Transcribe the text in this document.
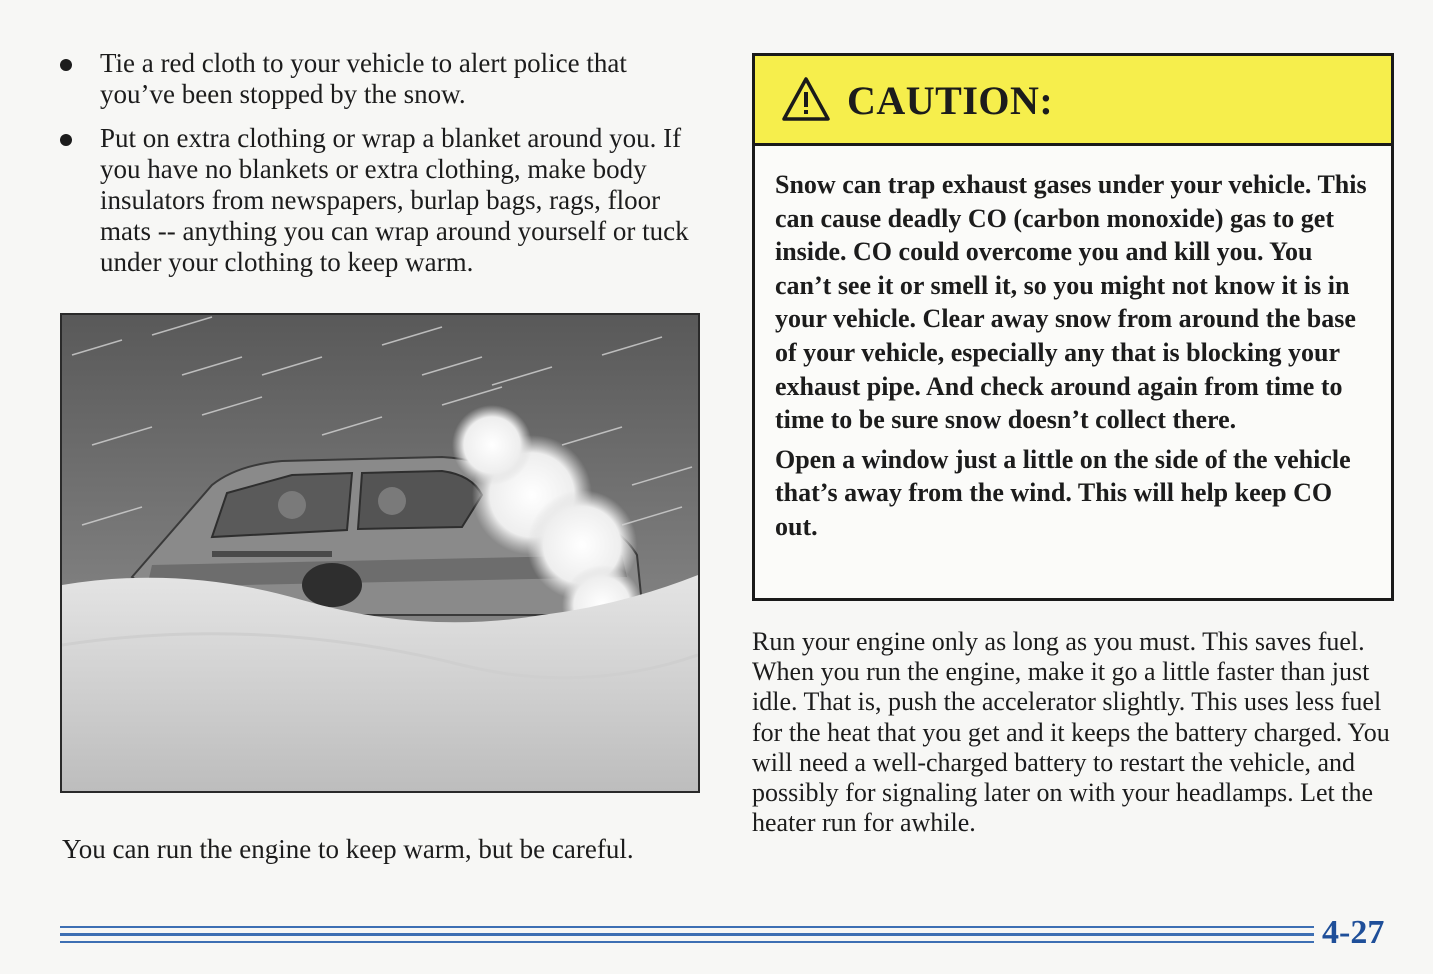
Tie a red cloth to your vehicle to alert police that you’ve been stopped by the snow.
Put on extra clothing or wrap a blanket around you. If you have no blankets or extra clothing, make body insulators from newspapers, burlap bags, rags, floor mats -- anything you can wrap around yourself or tuck under your clothing to keep warm.
You can run the engine to keep warm, but be careful.
CAUTION:

Snow can trap exhaust gases under your vehicle. This can cause deadly CO (carbon monoxide) gas to get inside. CO could overcome you and kill you. You can’t see it or smell it, so you might not know it is in your vehicle. Clear away snow from around the base of your vehicle, especially any that is blocking your exhaust pipe. And check around again from time to time to be sure snow doesn’t collect there.

Open a window just a little on the side of the vehicle that’s away from the wind. This will help keep CO out.

Run your engine only as long as you must. This saves fuel. When you run the engine, make it go a little faster than just idle. That is, push the accelerator slightly. This uses less fuel for the heat that you get and it keeps the battery charged. You will need a well-charged battery to restart the vehicle, and possibly for signaling later on with your headlamps. Let the heater run for awhile.

4-27
